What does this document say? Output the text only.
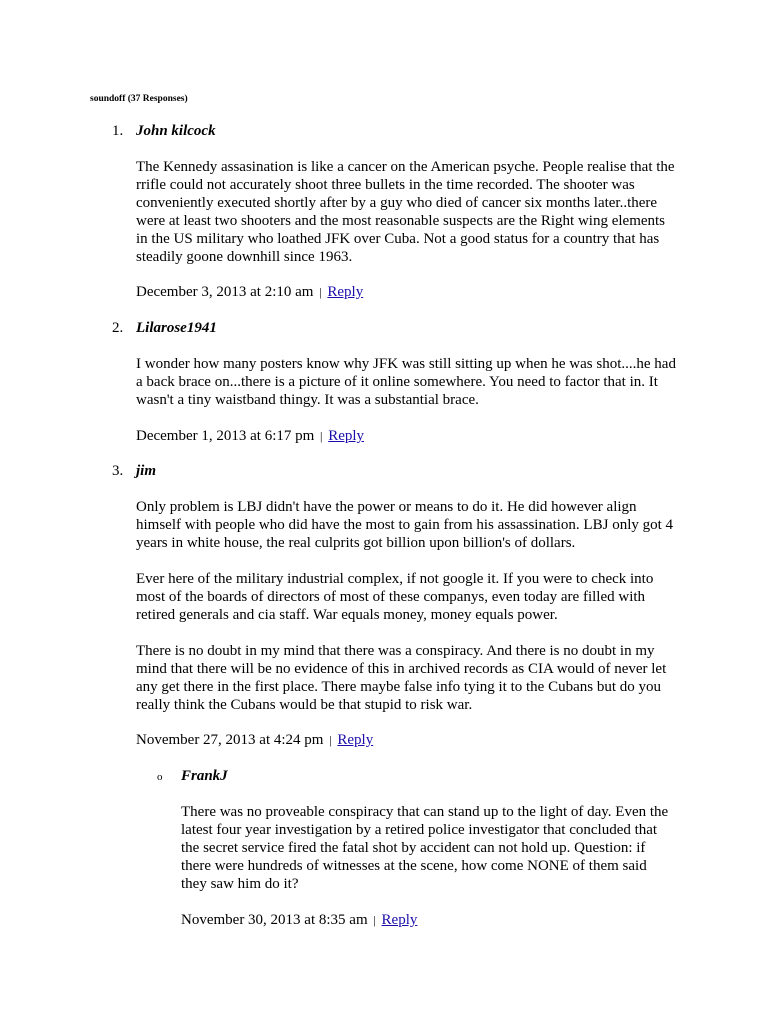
soundoff (37 Responses)
1. John kilcock
The Kennedy assasination is like a cancer on the American psyche. People realise that the
rrifle could not accurately shoot three bullets in the time recorded. The shooter was
conveniently executed shortly after by a guy who died of cancer six months later..there
were at least two shooters and the most reasonable suspects are the Right wing elements
in the US military who loathed JFK over Cuba. Not a good status for a country that has
steadily goone downhill since 1963.
December 3, 2013 at 2:10 am | Reply
2. Lilarose1941
I wonder how many posters know why JFK was still sitting up when he was shot....he had
a back brace on...there is a picture of it online somewhere. You need to factor that in. It
wasn't a tiny waistband thingy. It was a substantial brace.
December 1, 2013 at 6:17 pm | Reply
3. jim
Only problem is LBJ didn't have the power or means to do it. He did however align
himself with people who did have the most to gain from his assassination. LBJ only got 4
years in white house, the real culprits got billion upon billion's of dollars.
Ever here of the military industrial complex, if not google it. If you were to check into
most of the boards of directors of most of these companys, even today are filled with
retired generals and cia staff. War equals money, money equals power.
There is no doubt in my mind that there was a conspiracy. And there is no doubt in my
mind that there will be no evidence of this in archived records as CIA would of never let
any get there in the first place. There maybe false info tying it to the Cubans but do you
really think the Cubans would be that stupid to risk war.
November 27, 2013 at 4:24 pm | Reply
o FrankJ
There was no proveable conspiracy that can stand up to the light of day. Even the
latest four year investigation by a retired police investigator that concluded that
the secret service fired the fatal shot by accident can not hold up. Question: if
there were hundreds of witnesses at the scene, how come NONE of them said
they saw him do it?
November 30, 2013 at 8:35 am | Reply
